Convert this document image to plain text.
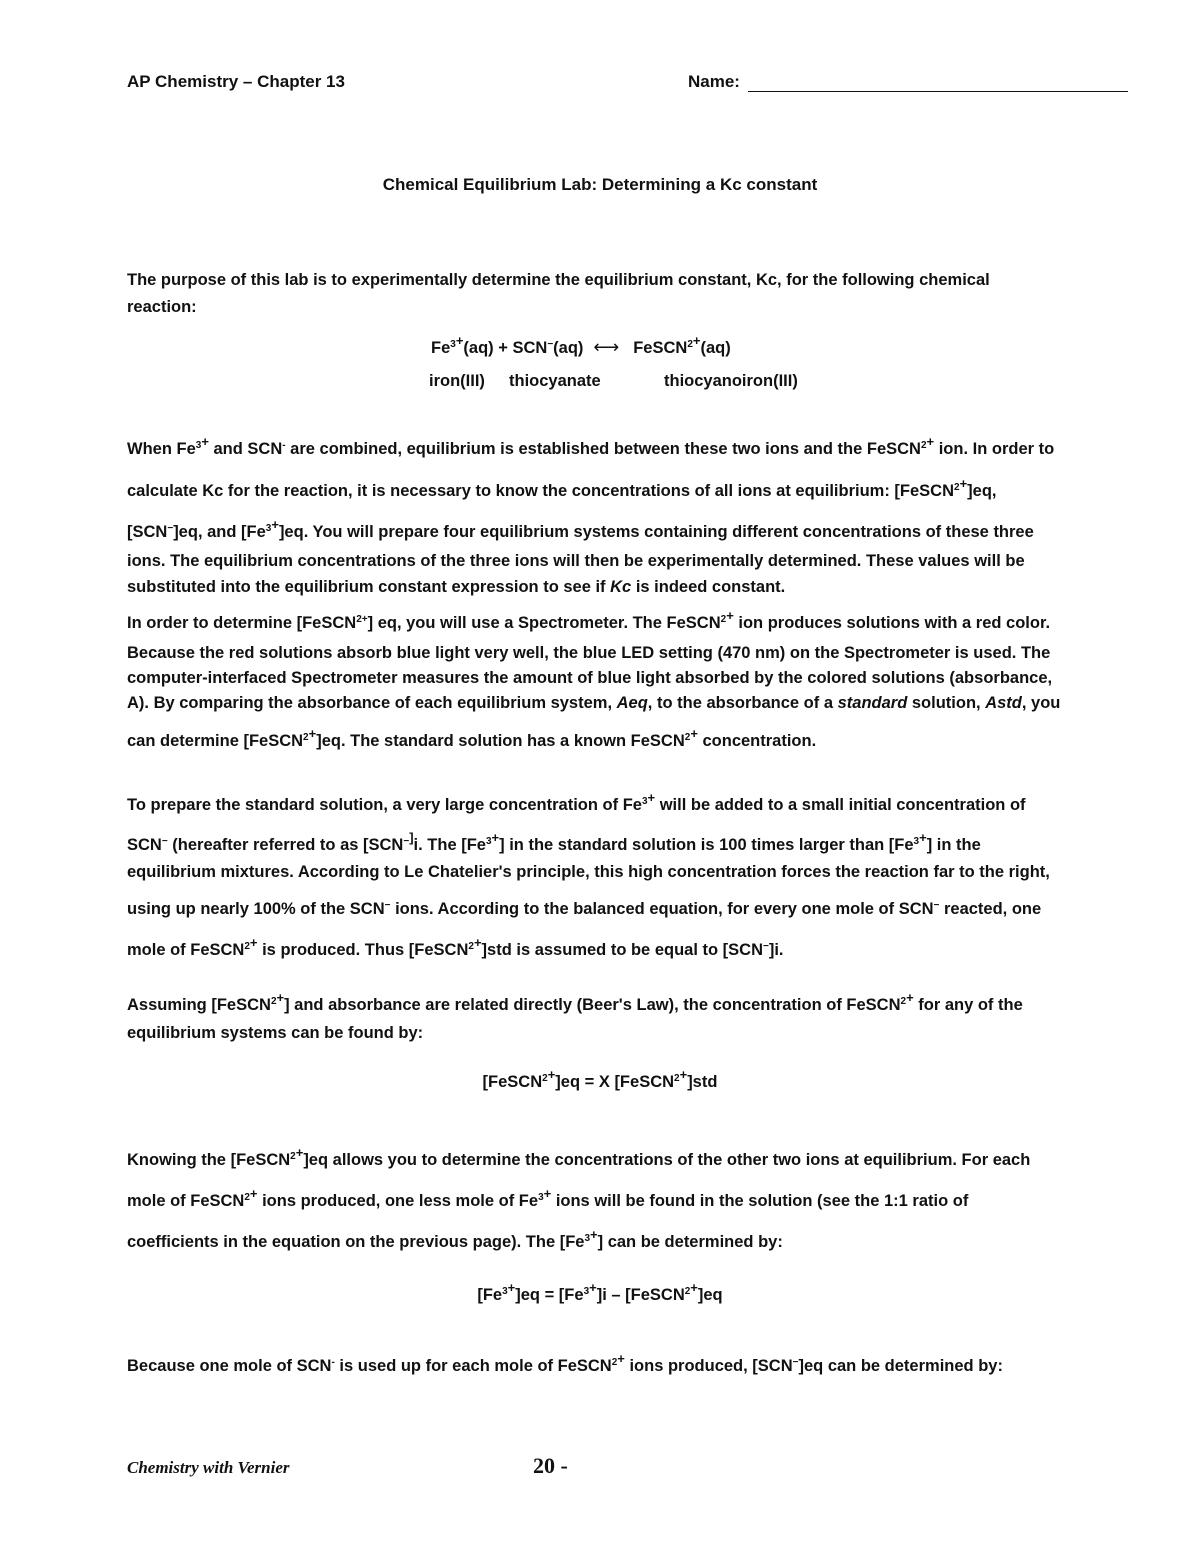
AP Chemistry – Chapter 13	Name:
Chemical Equilibrium Lab: Determining a Kc constant
The purpose of this lab is to experimentally determine the equilibrium constant, Kc, for the following chemical
reaction:
$Fe^{3+}(aq) + SCN^-(aq)$ ⟷ FeSCN$^{2+}$(aq)
iron(III) thiocyanate	thiocyanoiron(III)
When $Fe^{3+}$ and SCN- are combined, equilibrium is established between these two ions and the FeSCN$^{2+}$ ion. In order to
calculate Kc for the reaction, it is necessary to know the concentrations of all ions at equilibrium: [FeSCN$^{2+}$]eq,
[SCN−]eq, and $[Fe^{3+}]eq$. You will prepare four equilibrium systems containing different concentrations of these three
ions. The equilibrium concentrations of the three ions will then be experimentally determined. These values will be
substituted into the equilibrium constant expression to see if Kc is indeed constant.
In order to determine [FeSCN$^{2+}$] eq, you will use a Spectrometer. The FeSCN$^{2+}$ ion produces solutions with a red color.
Because the red solutions absorb blue light very well, the blue LED setting (470 nm) on the Spectrometer is used. The
computer-interfaced Spectrometer measures the amount of blue light absorbed by the colored solutions (absorbance,
A). By comparing the absorbance of each equilibrium system, Aeq, to the absorbance of a standard solution, Astd, you
can determine [FeSCN$^{2+}$]eq. The standard solution has a known FeSCN$^{2+}$ concentration.
To prepare the standard solution, a very large concentration of $Fe^{3+}$ will be added to a small initial concentration of
SCN− (hereafter referred to as [SCN−]i. The $[Fe^{3+}]$ in the standard solution is 100 times larger than $[Fe^{3+}]$ in the
equilibrium mixtures. According to Le Chatelier's principle, this high concentration forces the reaction far to the right,
using up nearly 100% of the SCN− ions. According to the balanced equation, for every one mole of SCN− reacted, one
mole of FeSCN$^{2+}$ is produced. Thus [FeSCN$^{2+}$]std is assumed to be equal to [SCN−]i.
Assuming [FeSCN$^{2+}$] and absorbance are related directly (Beer's Law), the concentration of FeSCN$^{2+}$ for any of the
equilibrium systems can be found by:
[FeSCN$^{2+}$]eq = X [FeSCN$^{2+}$]std
Knowing the [FeSCN$^{2+}$]eq allows you to determine the concentrations of the other two ions at equilibrium. For each
mole of FeSCN$^{2+}$ ions produced, one less mole of $Fe^{3+}$ ions will be found in the solution (see the 1:1 ratio of
coefficients in the equation on the previous page). The $[Fe^{3+}]$ can be determined by:
$[Fe^{3+}]eq = [Fe^{3+}]i$ – [FeSCN$^{2+}$]eq
Because one mole of SCN- is used up for each mole of FeSCN$^{2+}$ ions produced, [SCN−]eq can be determined by:
Chemistry with Vernier	20 -
